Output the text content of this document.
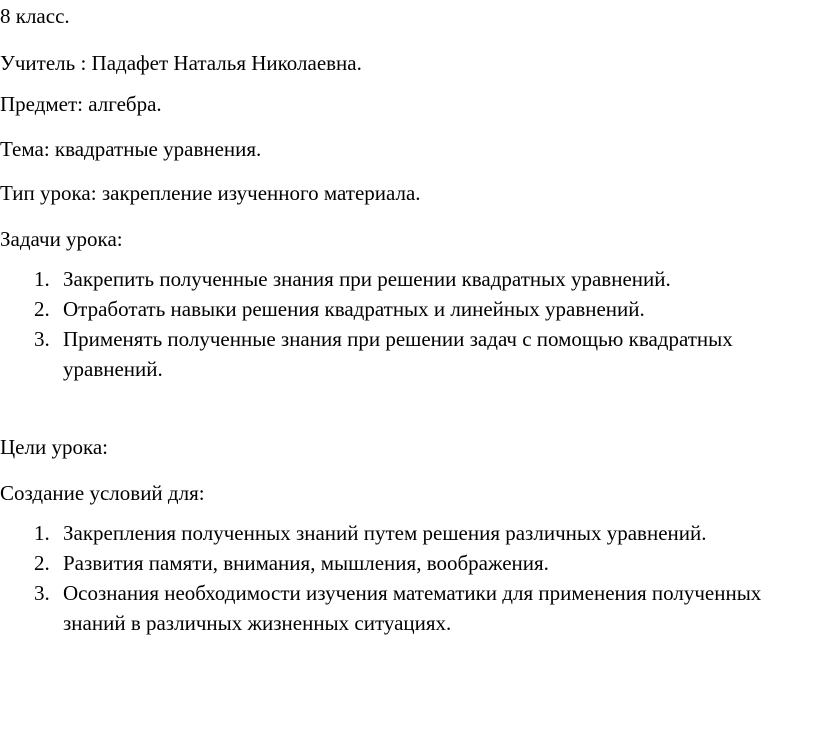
8 класс.
Учитель : Падафет Наталья Николаевна.
Предмет: алгебра.
Тема: квадратные уравнения.
Тип урока: закрепление изученного материала.
Задачи урока:
1. Закрепить полученные знания при решении квадратных уравнений.
2. Отработать навыки решения квадратных и линейных уравнений.
3. Применять полученные знания при решении задач с помощью квадратных уравнений.
Цели урока:
Создание условий для:
1. Закрепления полученных знаний путем решения различных уравнений.
2. Развития памяти, внимания, мышления, воображения.
3. Осознания необходимости изучения математики для применения полученных знаний в различных жизненных ситуациях.
